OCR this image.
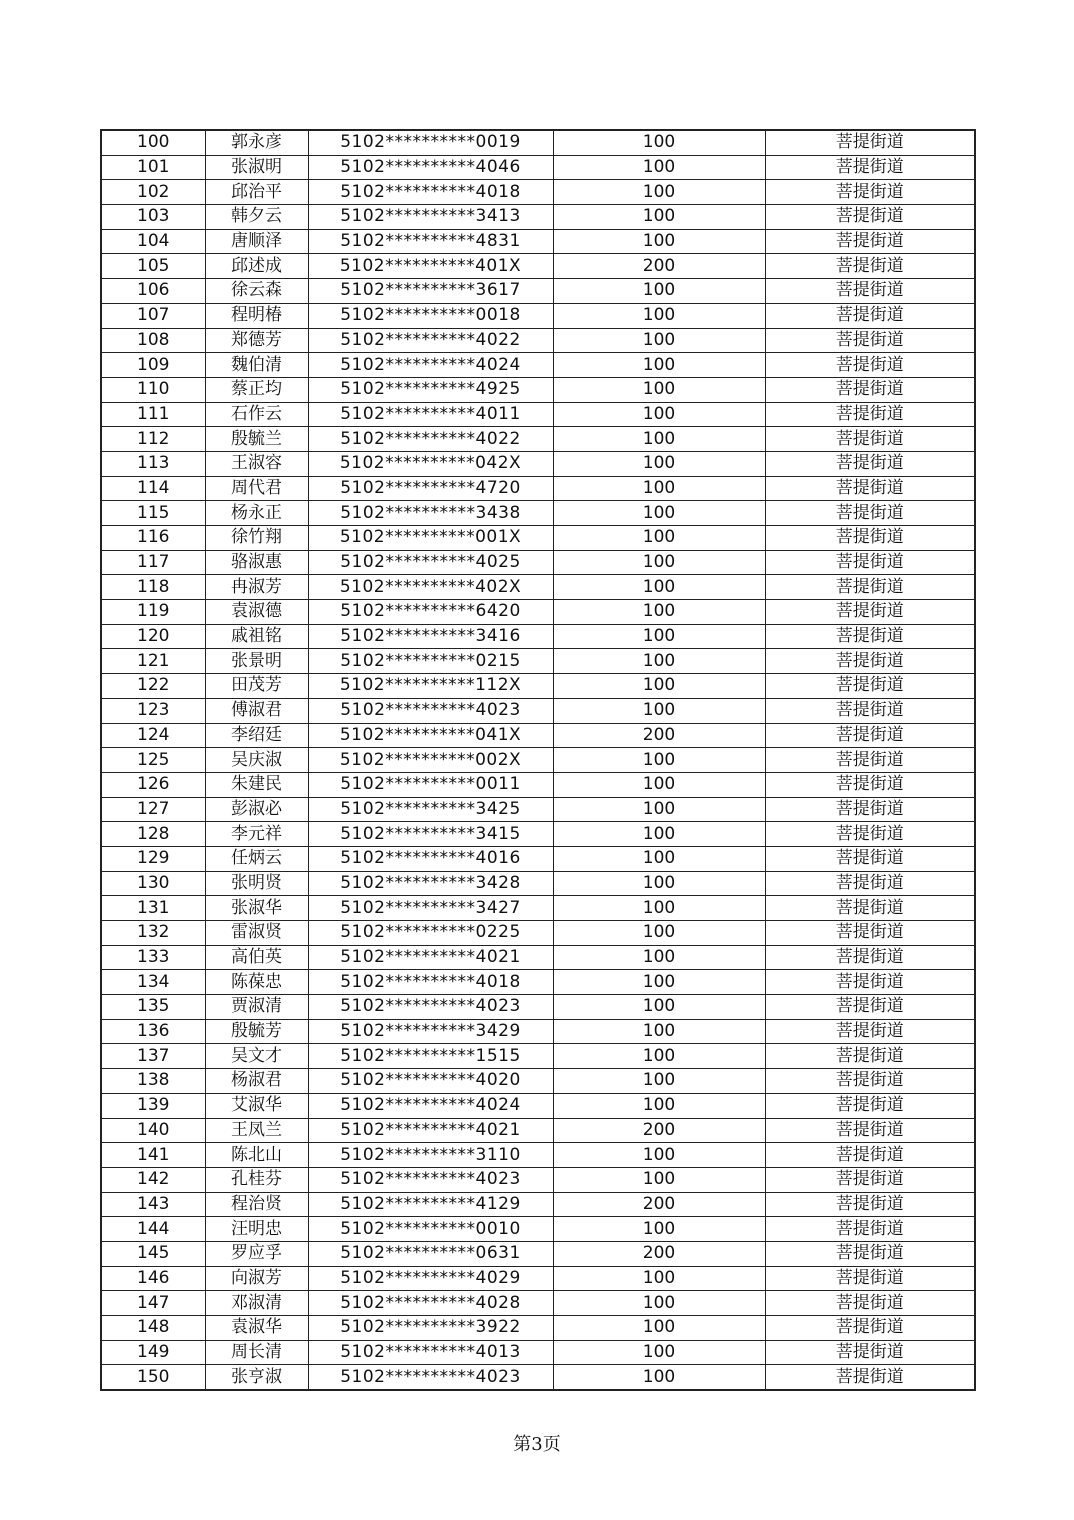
100	郭永彦	5102**********0019	100	菩提街道
101	张淑明	5102**********4046	100	菩提街道
102	邱治平	5102**********4018	100	菩提街道
103	韩夕云	5102**********3413	100	菩提街道
104	唐顺泽	5102**********4831	100	菩提街道
105	邱述成	5102**********401X	200	菩提街道
106	徐云森	5102**********3617	100	菩提街道
107	程明椿	5102**********0018	100	菩提街道
108	郑德芳	5102**********4022	100	菩提街道
109	魏伯清	5102**********4024	100	菩提街道
110	蔡正均	5102**********4925	100	菩提街道
111	石作云	5102**********4011	100	菩提街道
112	殷毓兰	5102**********4022	100	菩提街道
113	王淑容	5102**********042X	100	菩提街道
114	周代君	5102**********4720	100	菩提街道
115	杨永正	5102**********3438	100	菩提街道
116	徐竹翔	5102**********001X	100	菩提街道
117	骆淑惠	5102**********4025	100	菩提街道
118	冉淑芳	5102**********402X	100	菩提街道
119	袁淑德	5102**********6420	100	菩提街道
120	戚祖铭	5102**********3416	100	菩提街道
121	张景明	5102**********0215	100	菩提街道
122	田茂芳	5102**********112X	100	菩提街道
123	傅淑君	5102**********4023	100	菩提街道
124	李绍廷	5102**********041X	200	菩提街道
125	吴庆淑	5102**********002X	100	菩提街道
126	朱建民	5102**********0011	100	菩提街道
127	彭淑必	5102**********3425	100	菩提街道
128	李元祥	5102**********3415	100	菩提街道
129	任炳云	5102**********4016	100	菩提街道
130	张明贤	5102**********3428	100	菩提街道
131	张淑华	5102**********3427	100	菩提街道
132	雷淑贤	5102**********0225	100	菩提街道
133	高伯英	5102**********4021	100	菩提街道
134	陈葆忠	5102**********4018	100	菩提街道
135	贾淑清	5102**********4023	100	菩提街道
136	殷毓芳	5102**********3429	100	菩提街道
137	吴文才	5102**********1515	100	菩提街道
138	杨淑君	5102**********4020	100	菩提街道
139	艾淑华	5102**********4024	100	菩提街道
140	王凤兰	5102**********4021	200	菩提街道
141	陈北山	5102**********3110	100	菩提街道
142	孔桂芬	5102**********4023	100	菩提街道
143	程治贤	5102**********4129	200	菩提街道
144	汪明忠	5102**********0010	100	菩提街道
145	罗应孚	5102**********0631	200	菩提街道
146	向淑芳	5102**********4029	100	菩提街道
147	邓淑清	5102**********4028	100	菩提街道
148	袁淑华	5102**********3922	100	菩提街道
149	周长清	5102**********4013	100	菩提街道
150	张亨淑	5102**********4023	100	菩提街道
第3页
